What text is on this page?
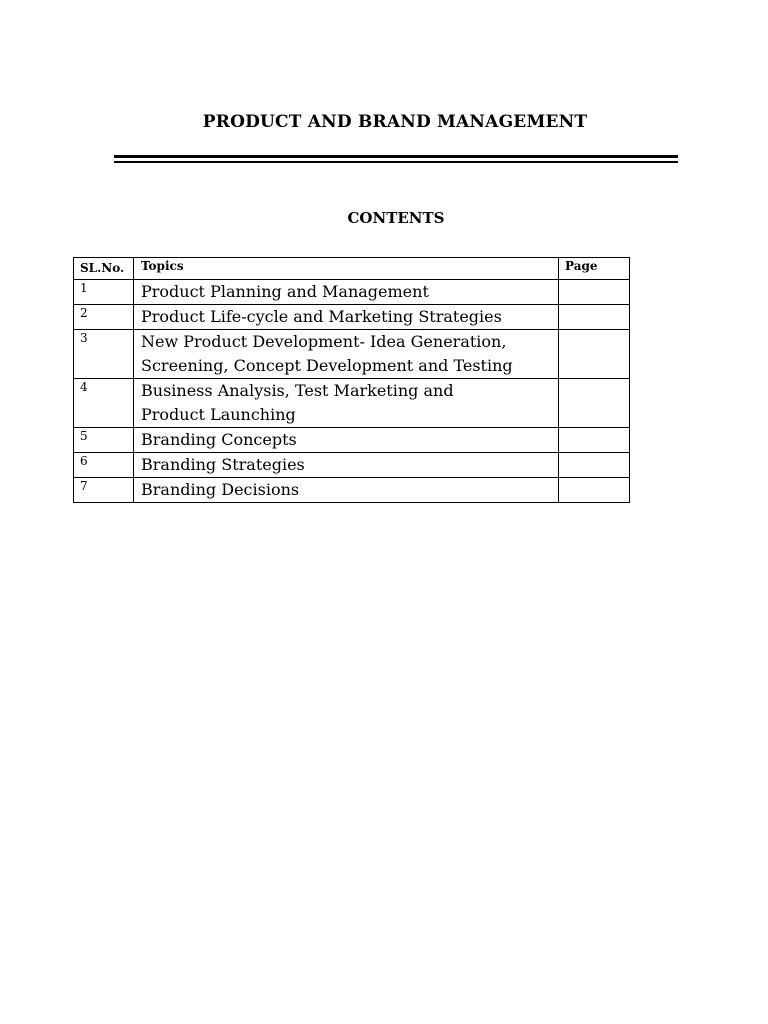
PRODUCT AND BRAND MANAGEMENT
CONTENTS
SL.No.	Topics	Page
1	Product Planning and Management	

2	Product Life-cycle and Marketing Strategies	

3	New Product Development- Idea Generation,
Screening, Concept Development and Testing	

4	Business Analysis, Test Marketing and
Product Launching	

5	Branding Concepts	

6	Branding Strategies	

7	Branding Decisions	
